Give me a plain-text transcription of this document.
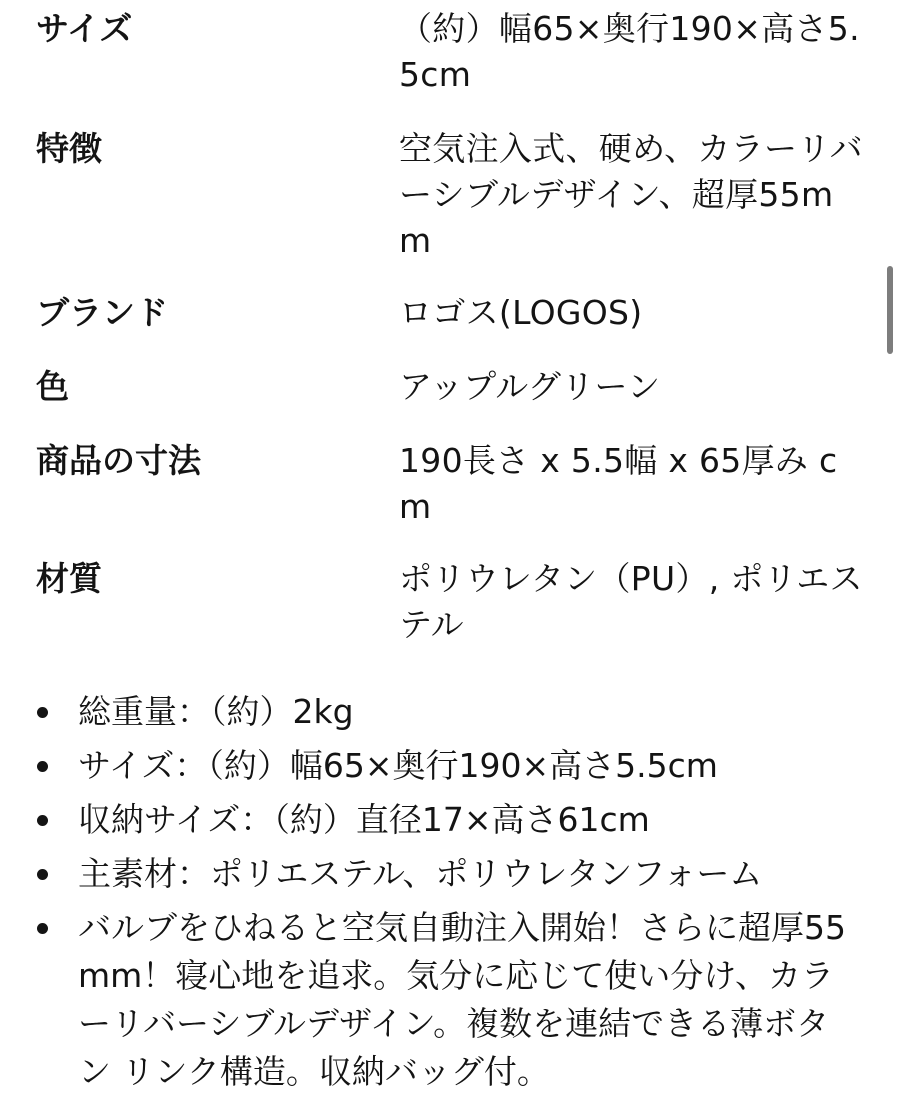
サイズ	（約）幅65×奥行190×高さ5.5cm
特徴	空気注入式、硬め、カラーリバーシブルデザイン、超厚55mm
ブランド	ロゴス(LOGOS)
色	アップルグリーン
商品の寸法	190長さ x 5.5幅 x 65厚み cm
材質	ポリウレタン（PU）, ポリエステル
総重量：（約）2kg
サイズ：（約）幅65×奥行190×高さ5.5cm
収納サイズ：（約）直径17×高さ61cm
主素材：ポリエステル、ポリウレタンフォーム
バルブをひねると空気自動注入開始！さらに超厚55mm！寝心地を追求。気分に応じて使い分け、カラーリバーシブルデザイン。複数を連結できる薄ボタン リンク構造。収納バッグ付。
